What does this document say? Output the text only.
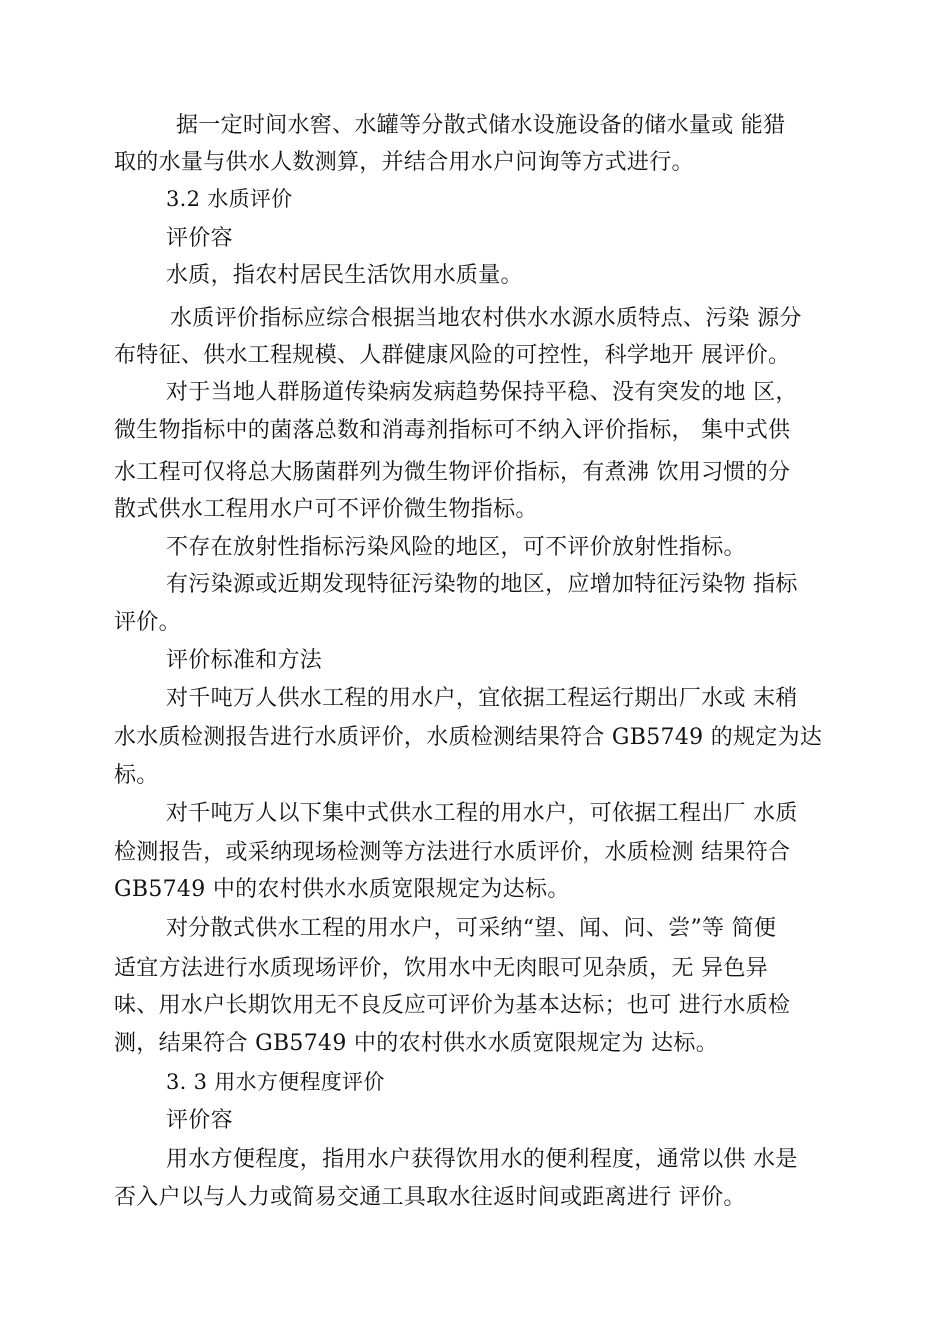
据一定时间水窖、水罐等分散式储水设施设备的储水量或 能猎
取的水量与供水人数测算，并结合用水户问询等方式进行。
3.2 水质评价
评价容
水质，指农村居民生活饮用水质量。
水质评价指标应综合根据当地农村供水水源水质特点、污染 源分
布特征、供水工程规模、人群健康风险的可控性，科学地开 展评价。
对于当地人群肠道传染病发病趋势保持平稳、没有突发的地 区，
微生物指标中的菌落总数和消毒剂指标可不纳入评价指标， 集中式供
水工程可仅将总大肠菌群列为微生物评价指标，有煮沸 饮用习惯的分
散式供水工程用水户可不评价微生物指标。
不存在放射性指标污染风险的地区，可不评价放射性指标。
有污染源或近期发现特征污染物的地区，应增加特征污染物 指标
评价。
评价标准和方法
对千吨万人供水工程的用水户，宜依据工程运行期出厂水或 末稍
水水质检测报告进行水质评价，水质检测结果符合 GB5749 的规定为达
标。
对千吨万人以下集中式供水工程的用水户，可依据工程出厂 水质
检测报告，或采纳现场检测等方法进行水质评价，水质检测 结果符合
GB5749 中的农村供水水质宽限规定为达标。
对分散式供水工程的用水户，可采纳“望、闻、问、尝”等 简便
适宜方法进行水质现场评价，饮用水中无肉眼可见杂质，无 异色异
味、用水户长期饮用无不良反应可评价为基本达标；也可 进行水质检
测，结果符合 GB5749 中的农村供水水质宽限规定为 达标。
3. 3 用水方便程度评价
评价容
用水方便程度，指用水户获得饮用水的便利程度，通常以供 水是
否入户以与人力或简易交通工具取水往返时间或距离进行 评价。
